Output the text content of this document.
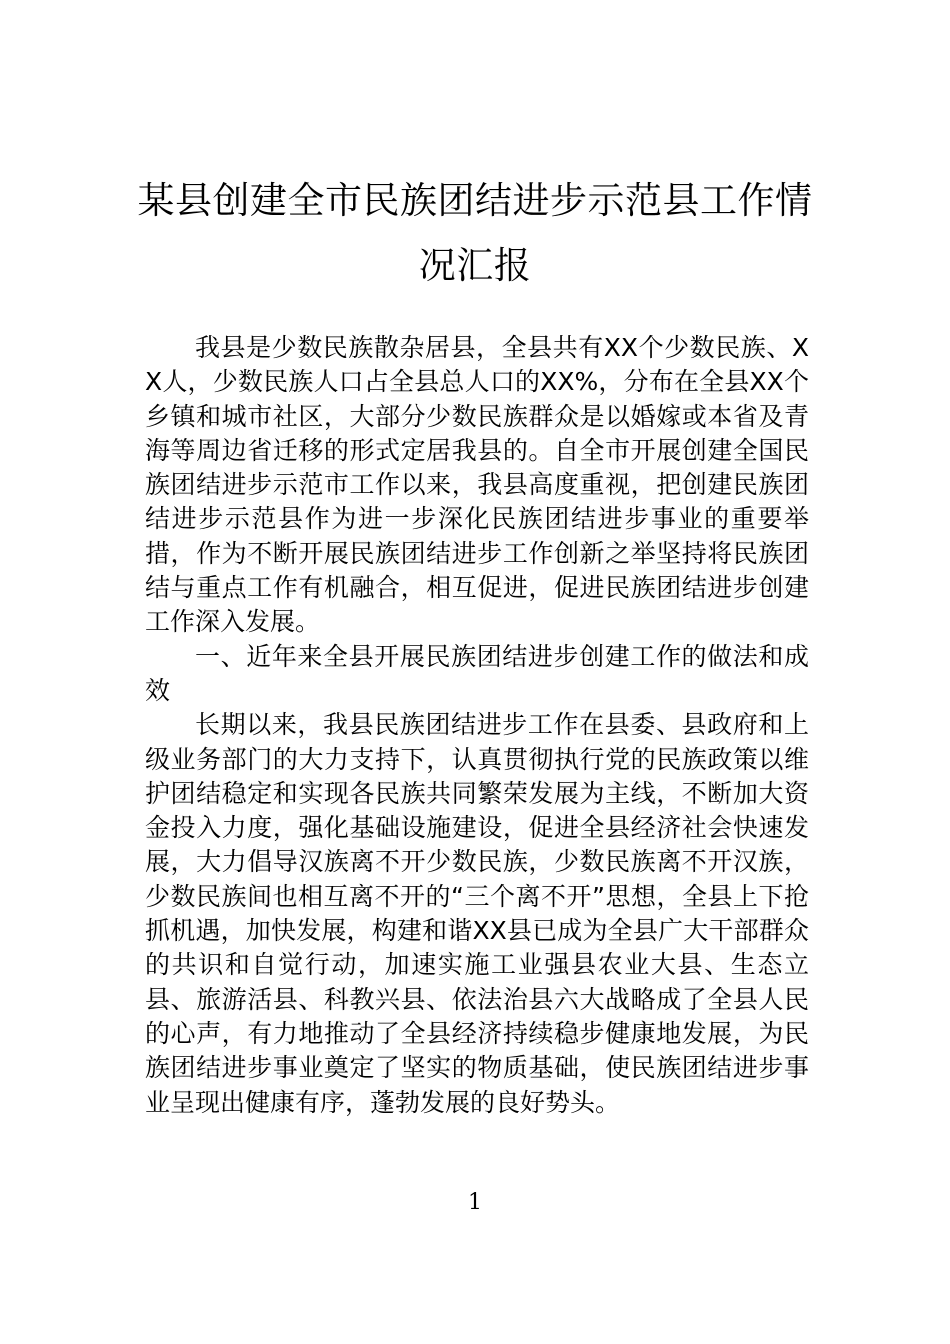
某县创建全市民族团结进步示范县工作情况汇报

我县是少数民族散杂居县，全县共有XX个少数民族、XX人，少数民族人口占全县总人口的XX%，分布在全县XX个乡镇和城市社区，大部分少数民族群众是以婚嫁或本省及青海等周边省迁移的形式定居我县的。自全市开展创建全国民族团结进步示范市工作以来，我县高度重视，把创建民族团结进步示范县作为进一步深化民族团结进步事业的重要举措，作为不断开展民族团结进步工作创新之举坚持将民族团结与重点工作有机融合，相互促进，促进民族团结进步创建工作深入发展。

一、近年来全县开展民族团结进步创建工作的做法和成效

长期以来，我县民族团结进步工作在县委、县政府和上级业务部门的大力支持下，认真贯彻执行党的民族政策以维护团结稳定和实现各民族共同繁荣发展为主线，不断加大资金投入力度，强化基础设施建设，促进全县经济社会快速发展，大力倡导汉族离不开少数民族，少数民族离不开汉族，少数民族间也相互离不开的“三个离不开”思想，全县上下抢抓机遇，加快发展，构建和谐XX县已成为全县广大干部群众的共识和自觉行动，加速实施工业强县农业大县、生态立县、旅游活县、科教兴县、依法治县六大战略成了全县人民的心声，有力地推动了全县经济持续稳步健康地发展，为民族团结进步事业奠定了坚实的物质基础，使民族团结进步事业呈现出健康有序，蓬勃发展的良好势头。

1
